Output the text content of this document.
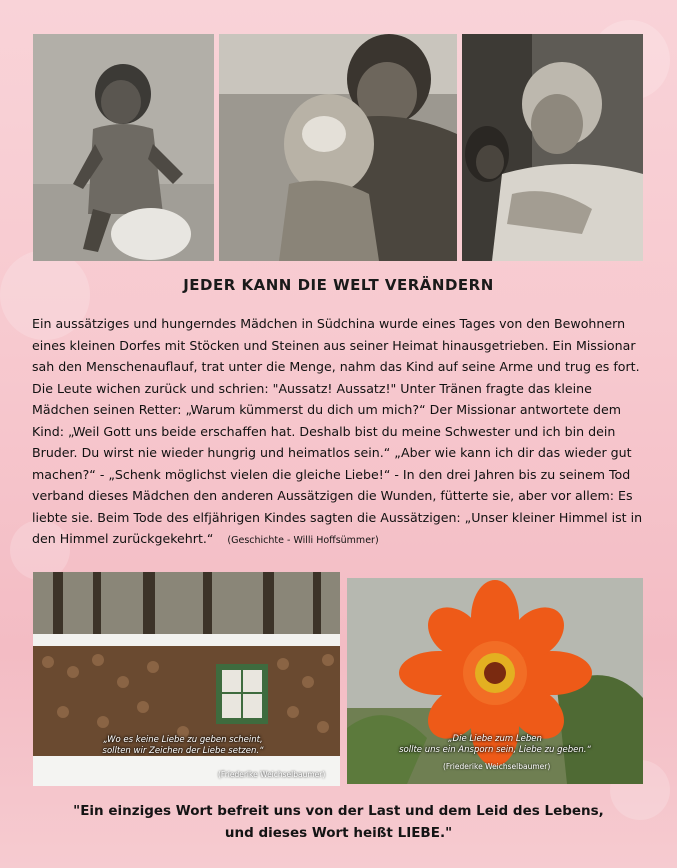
JEDER KANN DIE WELT VERÄNDERN

Ein aussätziges und hungerndes Mädchen in Südchina wurde eines Tages von den Bewohnern eines kleinen Dorfes mit Stöcken und Steinen aus seiner Heimat hinausgetrieben. Ein Missionar sah den Menschenauflauf, trat unter die Menge, nahm das Kind auf seine Arme und trug es fort. Die Leute wichen zurück und schrien: "Aussatz! Aussatz!" Unter Tränen fragte das kleine Mädchen seinen Retter: „Warum kümmerst du dich um mich?“ Der Missionar antwortete dem Kind: „Weil Gott uns beide erschaffen hat. Deshalb bist du meine Schwester und ich bin dein Bruder. Du wirst nie wieder hungrig und heimatlos sein.“ „Aber wie kann ich dir das wieder gut machen?“ - „Schenk möglichst vielen die gleiche Liebe!“ - In den drei Jahren bis zu seinem Tod verband dieses Mädchen den anderen Aussätzigen die Wunden, fütterte sie, aber vor allem: Es liebte sie. Beim Tode des elfjährigen Kindes sagten die Aussätzigen: „Unser kleiner Himmel ist in den Himmel zurückgekehrt.“ (Geschichte - Willi Hoffsümmer)

„Wo es keine Liebe zu geben scheint,
sollten wir Zeichen der Liebe setzen.“
(Friederike Weichselbaumer)
„Die Liebe zum Leben
sollte uns ein Ansporn sein, Liebe zu geben.“
(Friederike Weichselbaumer)
"Ein einziges Wort befreit uns von der Last und dem Leid des Lebens,
und dieses Wort heißt LIEBE."
